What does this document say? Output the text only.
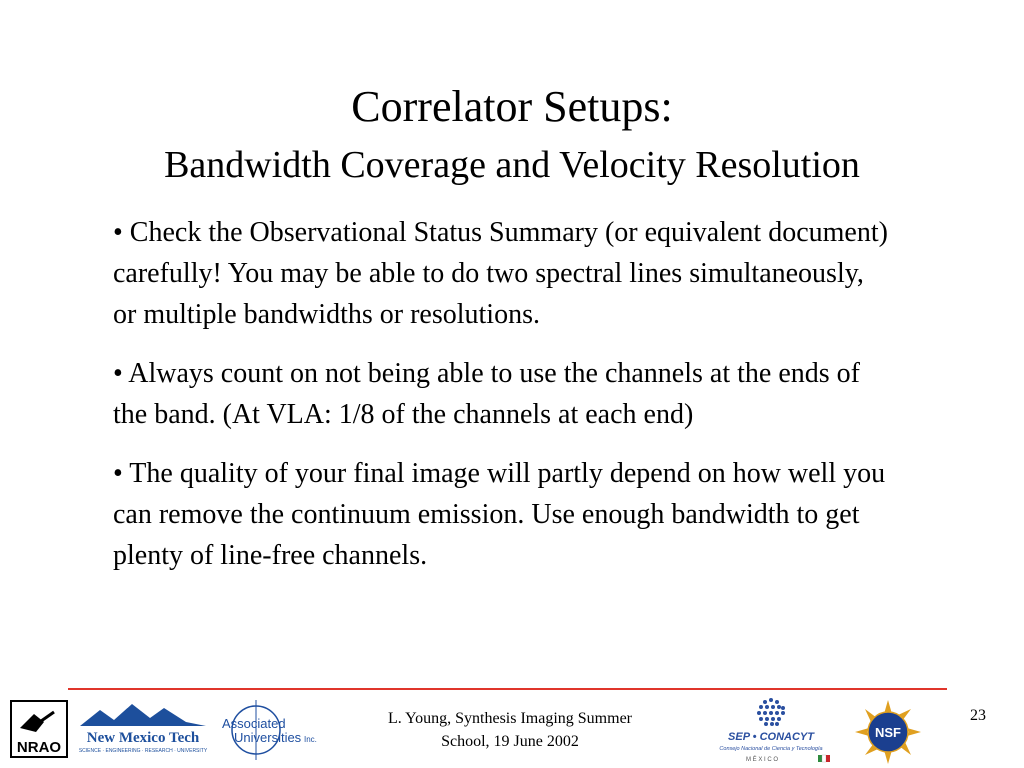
Correlator Setups:
Bandwidth Coverage and Velocity Resolution

• Check the Observational Status Summary (or equivalent document) carefully! You may be able to do two spectral lines simultaneously, or multiple bandwidths or resolutions.

• Always count on not being able to use the channels at the ends of the band. (At VLA: 1/8 of the channels at each end)

• The quality of your final image will partly depend on how well you can remove the continuum emission. Use enough bandwidth to get plenty of line-free channels.

NRAO
New Mexico Tech
SCIENCE · ENGINEERING · RESEARCH · UNIVERSITY
Associated
Universities Inc.
L. Young, Synthesis Imaging Summer
School, 19 June 2002	SEP • CONACYT
Consejo Nacional de Ciencia y Tecnología
M É X I C O
NSF
23
